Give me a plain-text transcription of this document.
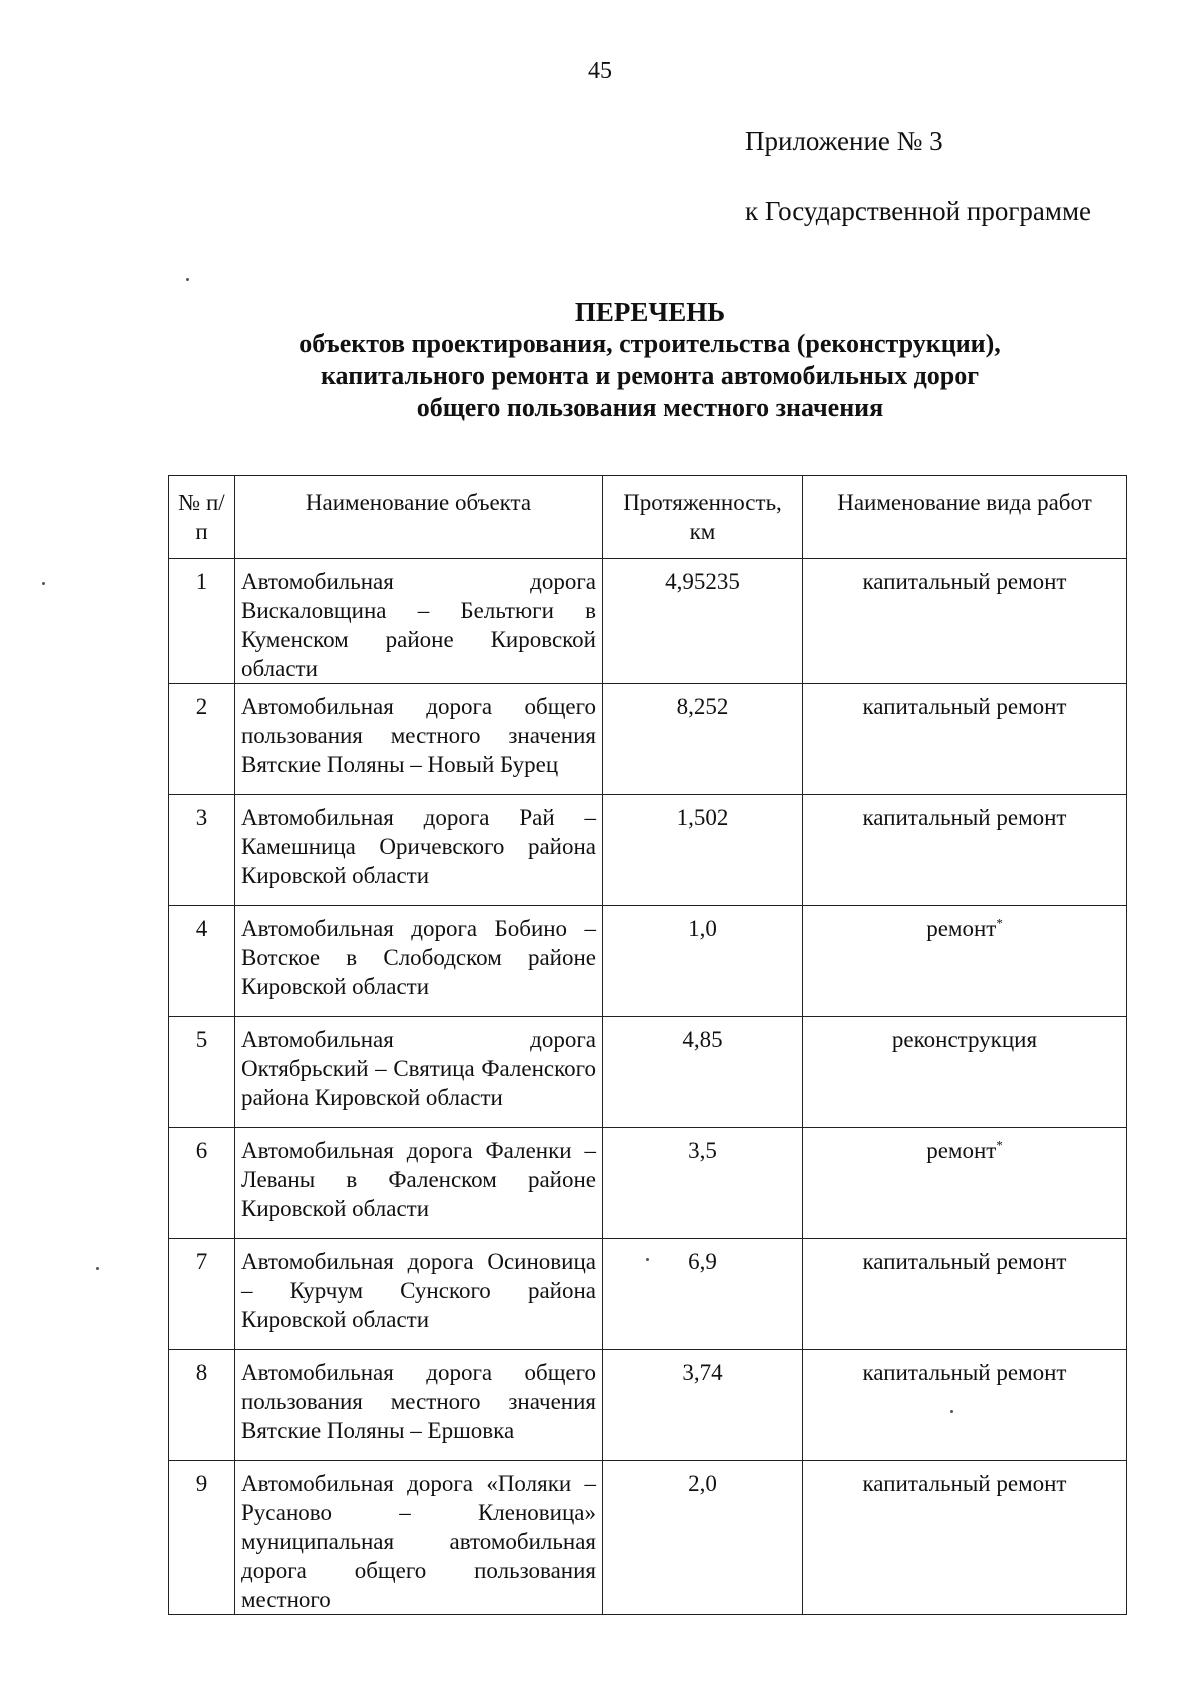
45
Приложение № 3
к Государственной программе
ПЕРЕЧЕНЬ
объектов проектирования, строительства (реконструкции),
капитального ремонта и ремонта автомобильных дорог
общего пользования местного значения
№ п/п	Наименование объекта	Протяженность, км	Наименование вида работ
1	Автомобильная дорога Вискаловщина – Бельтюги в Куменском районе Кировской области	4,95235	капитальный ремонт
2	Автомобильная дорога общего пользования местного значения Вятские Поляны – Новый Бурец	8,252	капитальный ремонт
3	Автомобильная дорога Рай – Камешница Оричевского района Кировской области	1,502	капитальный ремонт
4	Автомобильная дорога Бобино – Вотское в Слободском районе Кировской области	1,0	ремонт*
5	Автомобильная дорога Октябрьский – Святица Фаленского района Кировской области	4,85	реконструкция
6	Автомобильная дорога Фаленки – Леваны в Фаленском районе Кировской области	3,5	ремонт*
7	Автомобильная дорога Осиновица – Курчум Сунского района Кировской области	6,9	капитальный ремонт
8	Автомобильная дорога общего пользования местного значения Вятские Поляны – Ершовка	3,74	капитальный ремонт
9	Автомобильная дорога «Поляки – Русаново – Кленовица» муниципальная автомобильная дорога общего пользования местного	2,0	капитальный ремонт
